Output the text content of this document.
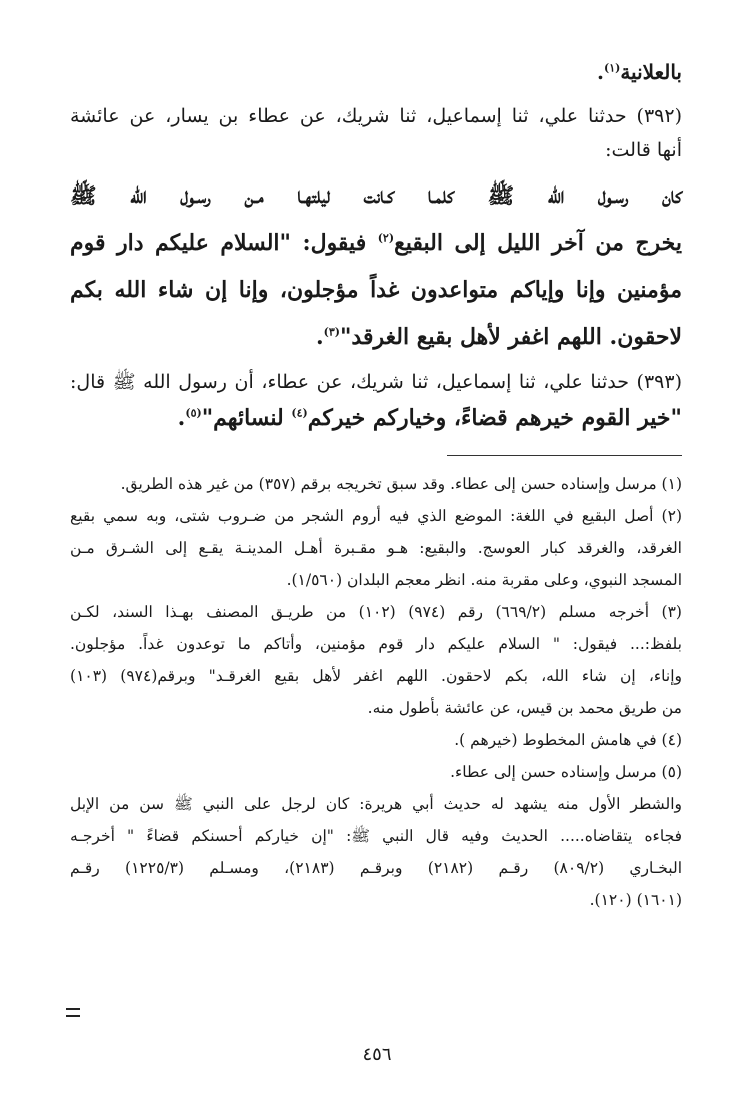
بالعلانية$^{(١)}$.
(٣٩٢) حدثنا علي، ثنا إسماعيل، ثنا شريك، عن عطاء بن يسار، عن عائشة
أنها قالت:
كان رسـول الله ﷺ كلمـا كـانت ليلتهـا مـن رسـول الله ﷺ
يخرج من آخر الليل إلى البقيع$^{(٢)}$ فيقول: "السلام عليكم دار قوم
مؤمنين وإنا وإياكم متواعدون غداً مؤجلون، وإنا إن شاء الله بكم
لاحقون. اللهم اغفر لأهل بقيع الغرقد"$^{(٣)}$.
(٣٩٣) حدثنا علي، ثنا إسماعيل، ثنا شريك، عن عطاء، أن رسول الله ﷺ قال:
"خير القوم خيرهم قضاءً، وخياركم خيركم$^{(٤)}$ لنسائهم"$^{(٥)}$.
(١) مرسل وإسناده حسن إلى عطاء. وقد سبق تخريجه برقم (٣٥٧) من غير هذه الطريق.
(٢) أصل البقيع في اللغة: الموضع الذي فيه أروم الشجر من ضـروب شتى، وبه سمي بقيع
الغرقد، والغرقد كبار العوسج. والبقيع: هـو مقـبرة أهـل المدينـة يقـع إلى الشـرق مـن
المسجد النبوي، وعلى مقربة منه. انظر معجم البلدان (١/٥٦٠).
(٣) أخرجه مسلم (٦٦٩/٢) رقم (٩٧٤) (١٠٢) من طريـق المصنف بهـذا السند، لكـن
بلفظ:... فيقول: " السلام عليكم دار قوم مؤمنين، وأتاكم ما توعدون غداً. مؤجلون.
وإناء، إن شاء الله، بكم لاحقون. اللهم اغفر لأهل بقيع الغرقـد" وبرقم(٩٧٤) (١٠٣)
من طريق محمد بن قيس، عن عائشة بأطول منه.
(٤) في هامش المخطوط (خيرهم ).
(٥) مرسل وإسناده حسن إلى عطاء.
والشطر الأول منه يشهد له حديث أبي هريرة: كان لرجل على النبي ﷺ سن من الإبل
فجاءه يتقاضاه..... الحديث وفيه قال النبي ﷺ: "إن خياركم أحسنكم قضاءً " أخرجـه
البخـاري (٨٠٩/٢) رقـم (٢١٨٢) وبرقـم (٢١٨٣)، ومسـلم (١٢٢٥/٣) رقـم
(١٦٠١) (١٢٠).
٤٥٦
